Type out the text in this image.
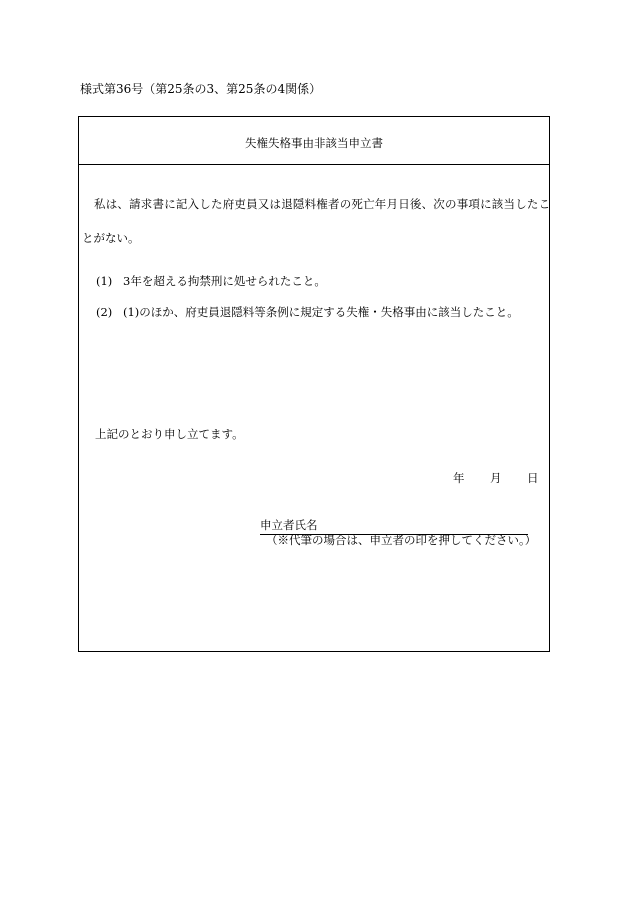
様式第36号（第25条の3、第25条の4関係）
失権失格事由非該当申立書
私は、請求書に記入した府吏員又は退隠料権者の死亡年月日後、次の事項に該当したこ
とがない。
(1) 3年を超える拘禁刑に処せられたこと。
(2) (1)のほか、府吏員退隠料等条例に規定する失権・失格事由に該当したこと。
上記のとおり申し立てます。
年 月 日
申立者氏名
（※代筆の場合は、申立者の印を押してください。）
